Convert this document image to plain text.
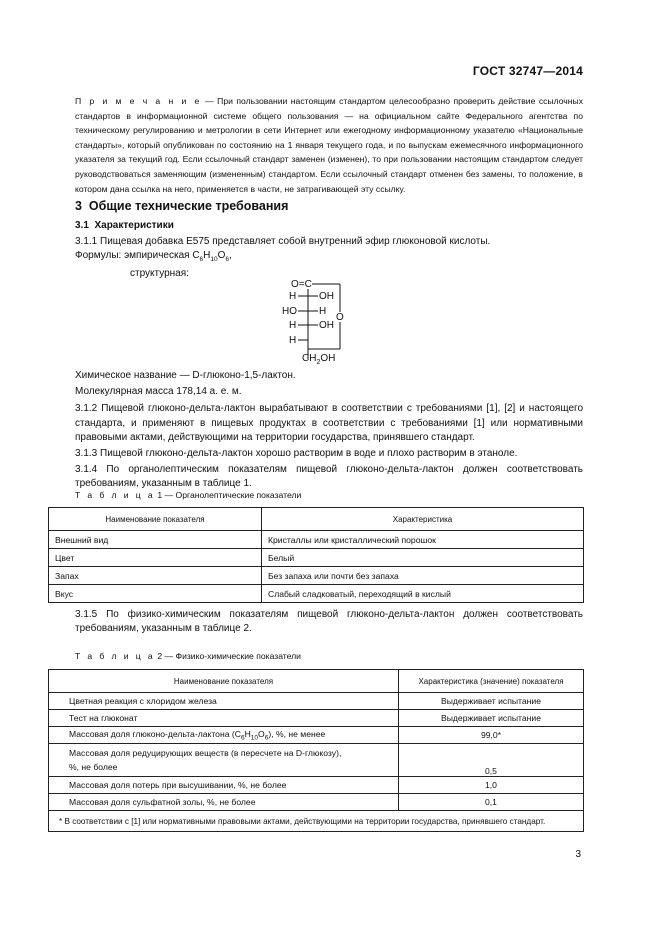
ГОСТ 32747—2014

П р и м е ч а н и е — При пользовании настоящим стандартом целесообразно проверить действие ссылочных стандартов в информационной системе общего пользования — на официальном сайте Федерального агентства по техническому регулированию и метрологии в сети Интернет или ежегодному информационному указателю «Национальные стандарты», который опубликован по состоянию на 1 января текущего года, и по выпускам ежемесячного информационного указателя за текущий год. Если ссылочный стандарт заменен (изменен), то при пользовании настоящим стандартом следует руководствоваться заменяющим (измененным) стандартом. Если ссылочный стандарт отменен без замены, то положение, в котором дана ссылка на него, применяется в части, не затрагивающей эту ссылку.

3 Общие технические требования
3.1 Характеристики

3.1.1 Пищевая добавка Е575 представляет собой внутренний эфир глюконовой кислоты.

Формулы: эмпирическая $C_6H_{10}O_6$,

структурная:

O=C
H OH
HO H
O
H OH
H
$CH_2OH$

Химическое название — D-глюконо-1,5-лактон.

Молекулярная масса 178,14 а. е. м.

3.1.2 Пищевой глюконо-дельта-лактон вырабатывают в соответствии с требованиями [1], [2] и настоящего стандарта, и применяют в пищевых продуктах в соответствии с требованиями [1] или нормативными правовыми актами, действующими на территории государства, принявшего стандарт.

3.1.3 Пищевой глюконо-дельта-лактон хорошо растворим в воде и плохо растворим в этаноле.

3.1.4 По органолептическим показателям пищевой глюконо-дельта-лактон должен соответствовать требованиям, указанным в таблице 1.

Т а б л и ц а 1 — Органолептические показатели
Наименование показателя	Характеристика
Внешний вид	Кристаллы или кристаллический порошок
Цвет	Белый
Запах	Без запаха или почти без запаха
Вкус	Слабый сладковатый, переходящий в кислый

3.1.5 По физико-химическим показателям пищевой глюконо-дельта-лактон должен соответствовать требованиям, указанным в таблице 2.

Т а б л и ц а 2 — Физико-химические показатели
Наименование показателя	Характеристика (значение) показателя
Цветная реакция с хлоридом железа	Выдерживает испытание
Тест на глюконат	Выдерживает испытание
Массовая доля глюконо-дельта-лактона $(C_6H_{10}O_6)$, %, не менее	99,0*
Массовая доля редуцирующих веществ (в пересчете на D-глюкозу),
%, не более	0,5
Массовая доля потерь при высушивании, %, не более	1,0
Массовая доля сульфатной золы, %, не более	0,1
* В соответствии с [1] или нормативными правовыми актами, действующими на территории государства, принявшего стандарт.	
3
